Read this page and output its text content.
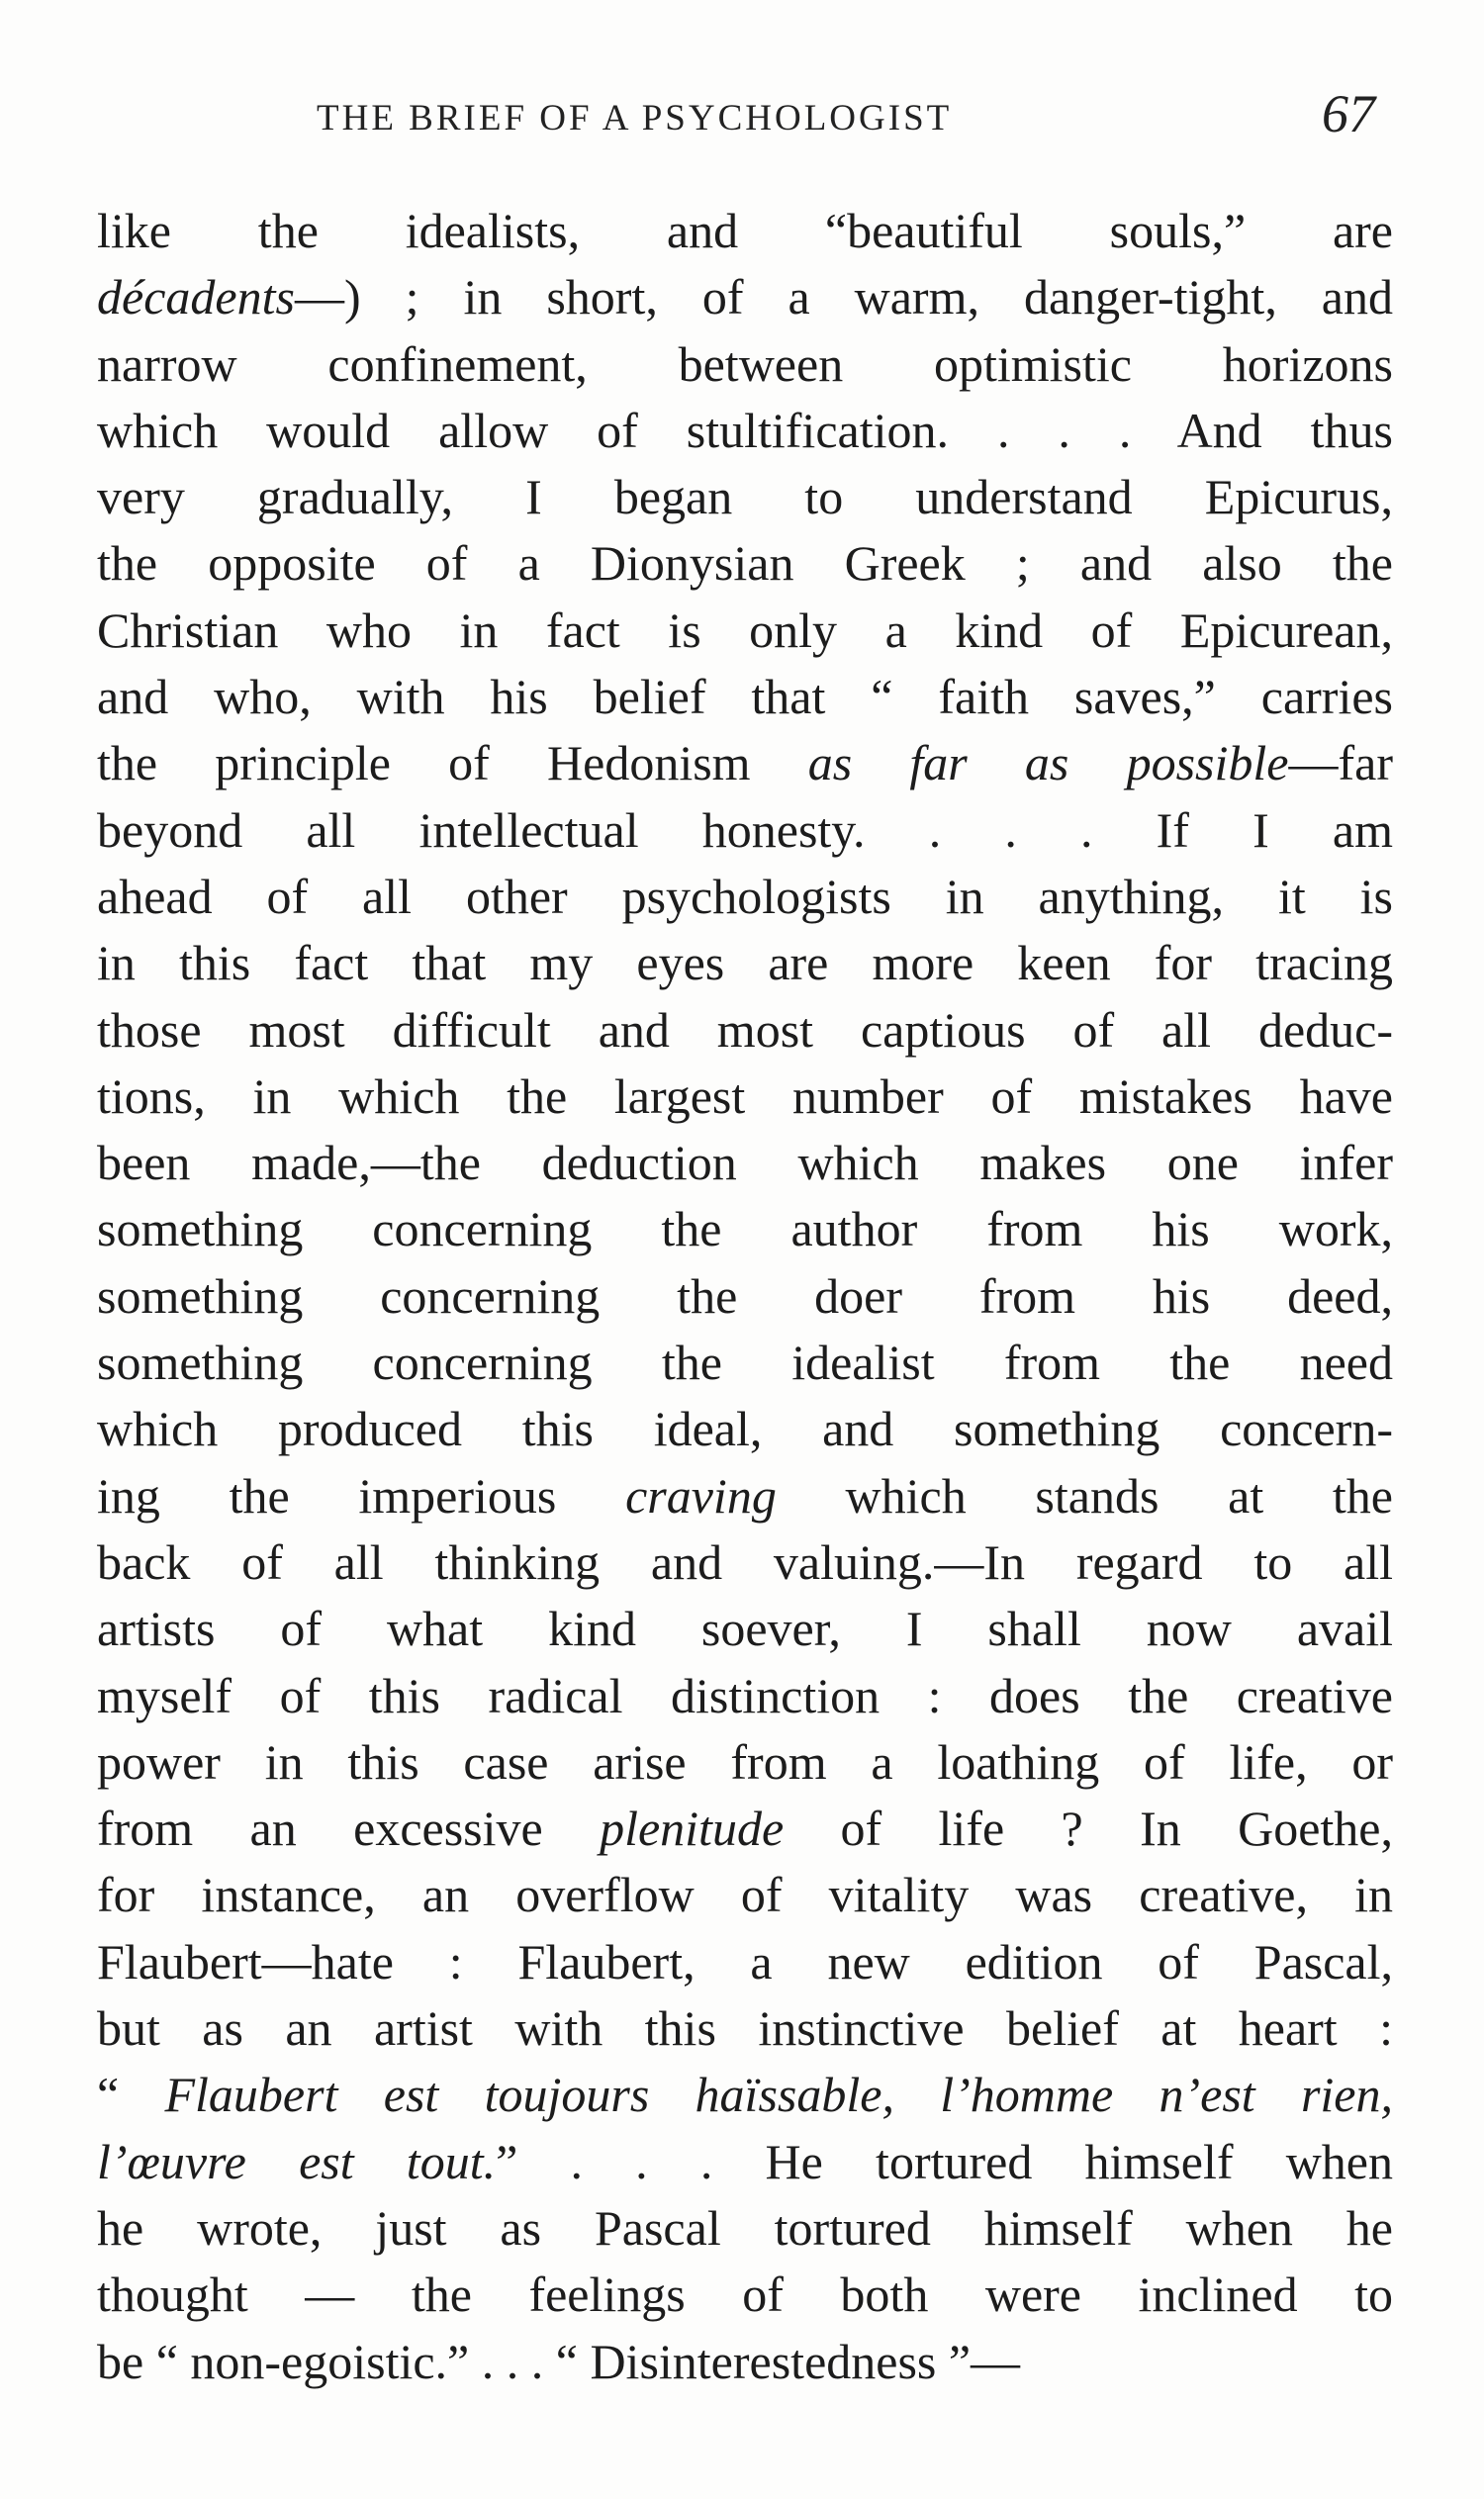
THE BRIEF OF A PSYCHOLOGIST	67
like the idealists, and “beautiful souls,” are
décadents—) ; in short, of a warm, danger-tight, and
narrow confinement, between optimistic horizons
which would allow of stultification. . . . And thus
very gradually, I began to understand Epicurus,
the opposite of a Dionysian Greek ; and also the
Christian who in fact is only a kind of Epicurean,
and who, with his belief that “ faith saves,” carries
the principle of Hedonism as far as possible—far
beyond all intellectual honesty. . . . If I am
ahead of all other psychologists in anything, it is
in this fact that my eyes are more keen for tracing
those most difficult and most captious of all deduc-
tions, in which the largest number of mistakes have
been made,—the deduction which makes one infer
something concerning the author from his work,
something concerning the doer from his deed,
something concerning the idealist from the need
which produced this ideal, and something concern-
ing the imperious craving which stands at the
back of all thinking and valuing.—In regard to all
artists of what kind soever, I shall now avail
myself of this radical distinction : does the creative
power in this case arise from a loathing of life, or
from an excessive plenitude of life ? In Goethe,
for instance, an overflow of vitality was creative, in
Flaubert—hate : Flaubert, a new edition of Pascal,
but as an artist with this instinctive belief at heart :
“ Flaubert est toujours haïssable, l’homme n’est rien,
l’œuvre est tout.” . . . He tortured himself when
he wrote, just as Pascal tortured himself when he
thought — the feelings of both were inclined to
be “ non-egoistic.” . . . “ Disinterestedness ”—
